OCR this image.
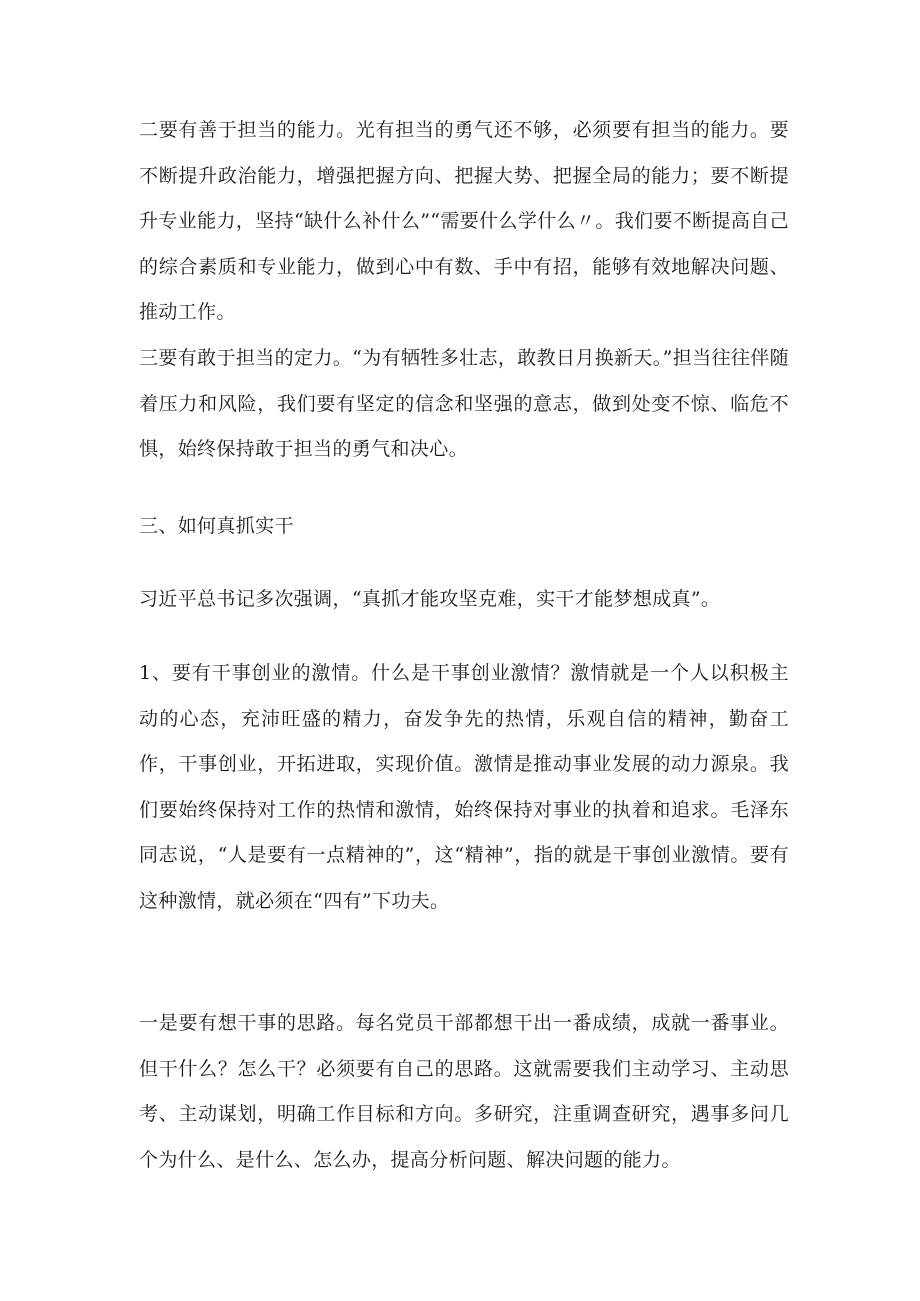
二要有善于担当的能力。光有担当的勇气还不够，必须要有担当的能力。要不断提升政治能力，增强把握方向、把握大势、把握全局的能力；要不断提升专业能力，坚持“缺什么补什么”“需要什么学什么〃。我们要不断提高自己的综合素质和专业能力，做到心中有数、手中有招，能够有效地解决问题、推动工作。

三要有敢于担当的定力。“为有牺牲多壮志，敢教日月换新天。”担当往往伴随着压力和风险，我们要有坚定的信念和坚强的意志，做到处变不惊、临危不惧，始终保持敢于担当的勇气和决心。

三、如何真抓实干

习近平总书记多次强调，“真抓才能攻坚克难，实干才能梦想成真”。

1、要有干事创业的激情。什么是干事创业激情？激情就是一个人以积极主动的心态，充沛旺盛的精力，奋发争先的热情，乐观自信的精神，勤奋工作，干事创业，开拓进取，实现价值。激情是推动事业发展的动力源泉。我们要始终保持对工作的热情和激情，始终保持对事业的执着和追求。毛泽东同志说，“人是要有一点精神的”，这“精神”，指的就是干事创业激情。要有这种激情，就必须在“四有”下功夫。

一是要有想干事的思路。每名党员干部都想干出一番成绩，成就一番事业。但干什么？怎么干？必须要有自己的思路。这就需要我们主动学习、主动思考、主动谋划，明确工作目标和方向。多研究，注重调查研究，遇事多问几个为什么、是什么、怎么办，提高分析问题、解决问题的能力。
